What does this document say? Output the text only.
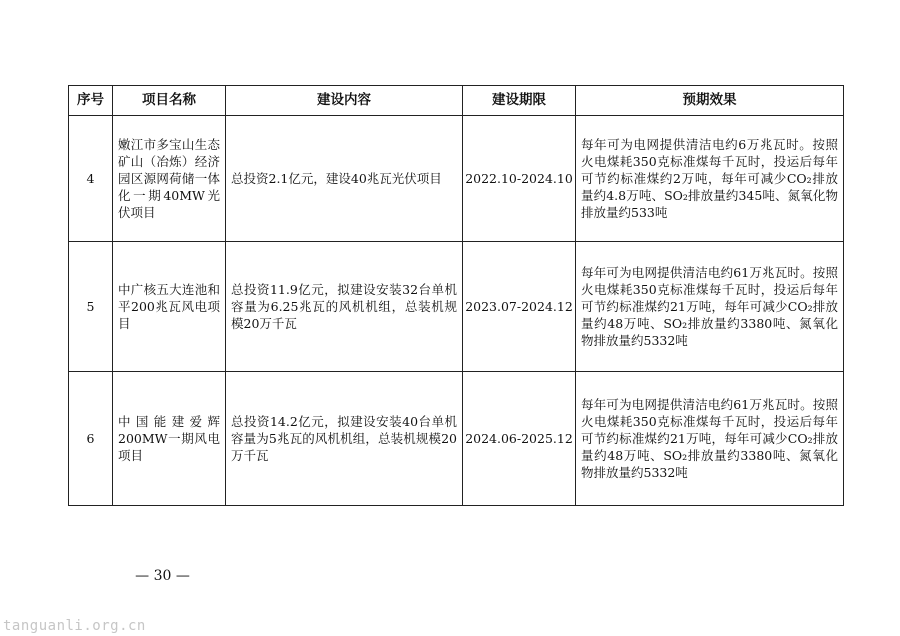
序号	项目名称	建设内容	建设期限	预期效果
4	嫩江市多宝山生态矿山（冶炼）经济园区源网荷储一体化一期40MW光伏项目	总投资2.1亿元，建设40兆瓦光伏项目	2022.10-2024.10	每年可为电网提供清洁电约6万兆瓦时。按照火电煤耗350克标准煤每千瓦时，投运后每年可节约标准煤约2万吨，每年可减少CO₂排放量约4.8万吨、SO₂排放量约345吨、氮氧化物排放量约533吨
5	中广核五大连池和平200兆瓦风电项目	总投资11.9亿元，拟建设安装32台单机容量为6.25兆瓦的风机机组，总装机规模20万千瓦	2023.07-2024.12	每年可为电网提供清洁电约61万兆瓦时。按照火电煤耗350克标准煤每千瓦时，投运后每年可节约标准煤约21万吨，每年可减少CO₂排放量约48万吨、SO₂排放量约3380吨、氮氧化物排放量约5332吨
6	中国能建爱辉200MW一期风电项目	总投资14.2亿元，拟建设安装40台单机容量为5兆瓦的风机机组，总装机规模20万千瓦	2024.06-2025.12	每年可为电网提供清洁电约61万兆瓦时。按照火电煤耗350克标准煤每千瓦时，投运后每年可节约标准煤约21万吨，每年可减少CO₂排放量约48万吨、SO₂排放量约3380吨、氮氧化物排放量约5332吨
— 30 —
tanguanli.org.cn
